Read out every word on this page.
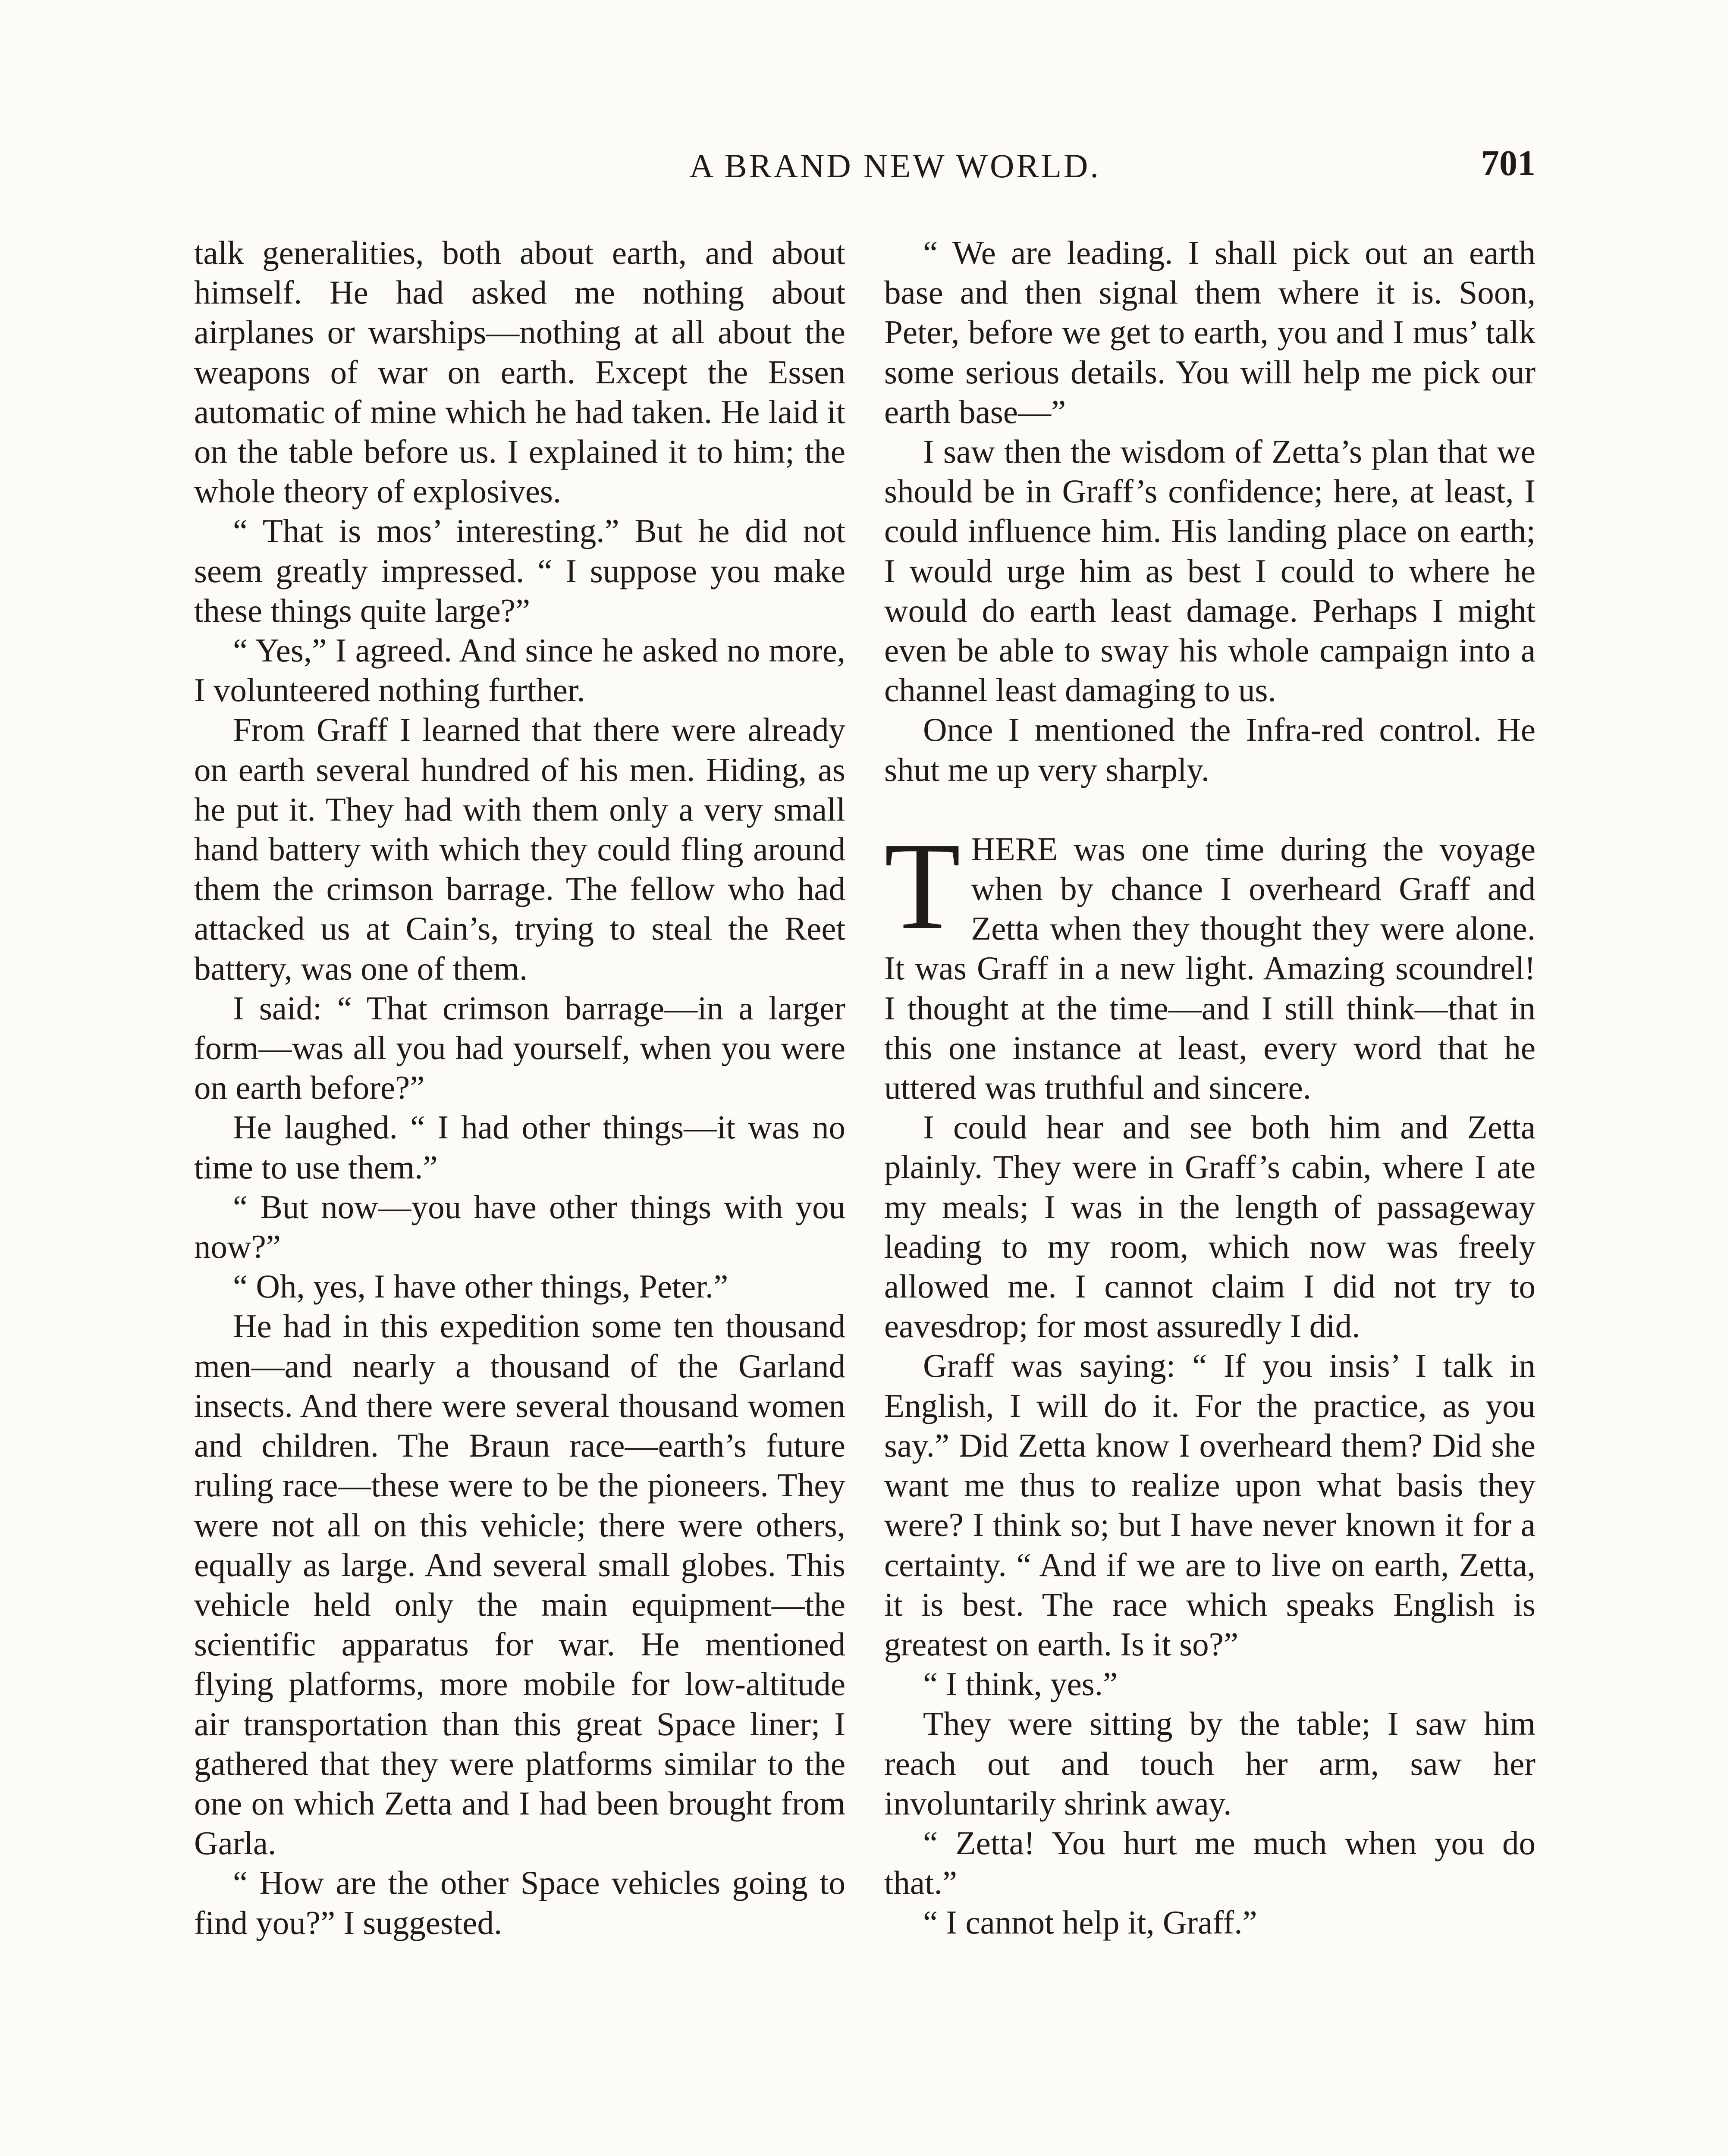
A BRAND NEW WORLD.	701

talk generalities, both about earth, and about himself. He had asked me nothing about airplanes or warships—nothing at all about the weapons of war on earth. Except the Essen automatic of mine which he had taken. He laid it on the table before us. I explained it to him; the whole theory of explosives.

“ That is mos’ interesting.” But he did not seem greatly impressed. “ I suppose you make these things quite large?”

“ Yes,” I agreed. And since he asked no more, I volunteered nothing further.

From Graff I learned that there were already on earth several hundred of his men. Hiding, as he put it. They had with them only a very small hand battery with which they could fling around them the crimson barrage. The fellow who had attacked us at Cain’s, trying to steal the Reet battery, was one of them.

I said: “ That crimson barrage—in a larger form—was all you had yourself, when you were on earth before?”

He laughed. “ I had other things—it was no time to use them.”

“ But now—you have other things with you now?”

“ Oh, yes, I have other things, Peter.”

He had in this expedition some ten thousand men—and nearly a thousand of the Garland insects. And there were several thousand women and children. The Braun race—earth’s future ruling race—these were to be the pioneers. They were not all on this vehicle; there were others, equally as large. And several small globes. This vehicle held only the main equipment—the scientific apparatus for war. He mentioned flying platforms, more mobile for low-altitude air transportation than this great Space liner; I gathered that they were platforms similar to the one on which Zetta and I had been brought from Garla.

“ How are the other Space vehicles going to find you?” I suggested.

“ We are leading. I shall pick out an earth base and then signal them where it is. Soon, Peter, before we get to earth, you and I mus’ talk some serious details. You will help me pick our earth base—”

I saw then the wisdom of Zetta’s plan that we should be in Graff’s confidence; here, at least, I could influence him. His landing place on earth; I would urge him as best I could to where he would do earth least damage. Perhaps I might even be able to sway his whole campaign into a channel least damaging to us.

Once I mentioned the Infra-red control. He shut me up very sharply.

THERE was one time during the voyage when by chance I overheard Graff and Zetta when they thought they were alone. It was Graff in a new light. Amazing scoundrel! I thought at the time—and I still think—that in this one instance at least, every word that he uttered was truthful and sincere.

I could hear and see both him and Zetta plainly. They were in Graff’s cabin, where I ate my meals; I was in the length of passageway leading to my room, which now was freely allowed me. I cannot claim I did not try to eavesdrop; for most assuredly I did.

Graff was saying: “ If you insis’ I talk in English, I will do it. For the practice, as you say.” Did Zetta know I overheard them? Did she want me thus to realize upon what basis they were? I think so; but I have never known it for a certainty. “ And if we are to live on earth, Zetta, it is best. The race which speaks English is greatest on earth. Is it so?”

“ I think, yes.”

They were sitting by the table; I saw him reach out and touch her arm, saw her involuntarily shrink away.

“ Zetta! You hurt me much when you do that.”

“ I cannot help it, Graff.”
